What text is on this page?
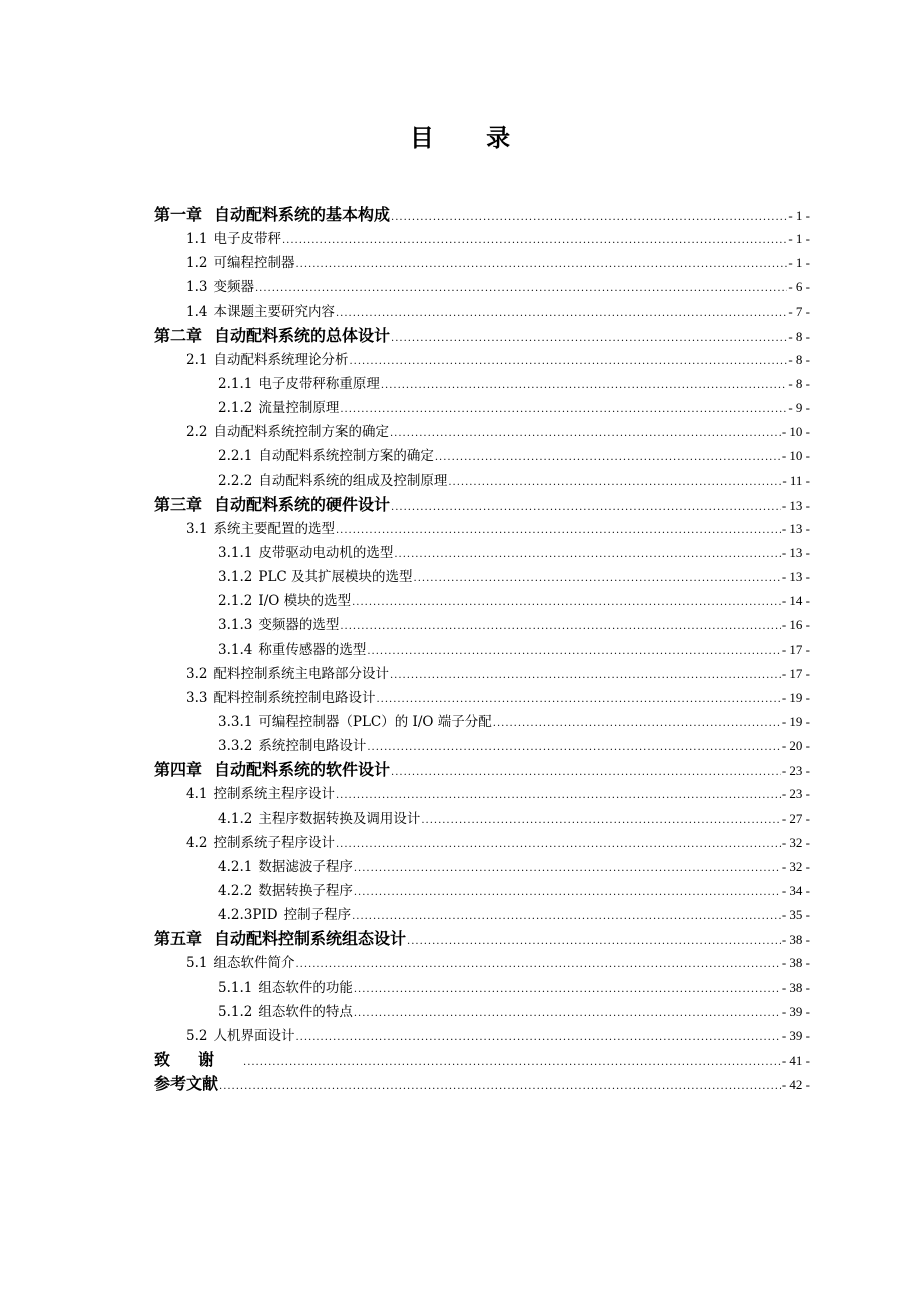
目 录
第一章 自动配料系统的基本构成 .....	- 1 -
1.1 电子皮带秤 .....	- 1 -
1.2 可编程控制器 .....	- 1 -
1.3 变频器 .....	- 6 -
1.4 本课题主要研究内容 .....	- 7 -
第二章 自动配料系统的总体设计 .....	- 8 -
2.1 自动配料系统理论分析 .....	- 8 -
2.1.1 电子皮带秤称重原理 .....	- 8 -
2.1.2 流量控制原理 .....	- 9 -
2.2 自动配料系统控制方案的确定 .....	- 10 -
2.2.1 自动配料系统控制方案的确定 .....	- 10 -
2.2.2 自动配料系统的组成及控制原理 .....	- 11 -
第三章 自动配料系统的硬件设计 .....	- 13 -
3.1 系统主要配置的选型 .....	- 13 -
3.1.1 皮带驱动电动机的选型 .....	- 13 -
3.1.2 PLC 及其扩展模块的选型 .....	- 13 -
2.1.2 I/O 模块的选型 .....	- 14 -
3.1.3 变频器的选型 .....	- 16 -
3.1.4 称重传感器的选型 .....	- 17 -
3.2 配料控制系统主电路部分设计 .....	- 17 -
3.3 配料控制系统控制电路设计 .....	- 19 -
3.3.1 可编程控制器（PLC）的 I/O 端子分配 .....	- 19 -
3.3.2 系统控制电路设计 .....	- 20 -
第四章 自动配料系统的软件设计 .....	- 23 -
4.1 控制系统主程序设计 .....	- 23 -
4.1.2 主程序数据转换及调用设计 .....	- 27 -
4.2 控制系统子程序设计 .....	- 32 -
4.2.1 数据滤波子程序 .....	- 32 -
4.2.2 数据转换子程序 .....	- 34 -
4.2.3PID 控制子程序 .....	- 35 -
第五章 自动配料控制系统组态设计 .....	- 38 -
5.1 组态软件简介 .....	- 38 -
5.1.1 组态软件的功能 .....	- 38 -
5.1.2 组态软件的特点 .....	- 39 -
5.2 人机界面设计 .....	- 39 -
致谢 .....	- 41 -
参考文献 .....	- 42 -
